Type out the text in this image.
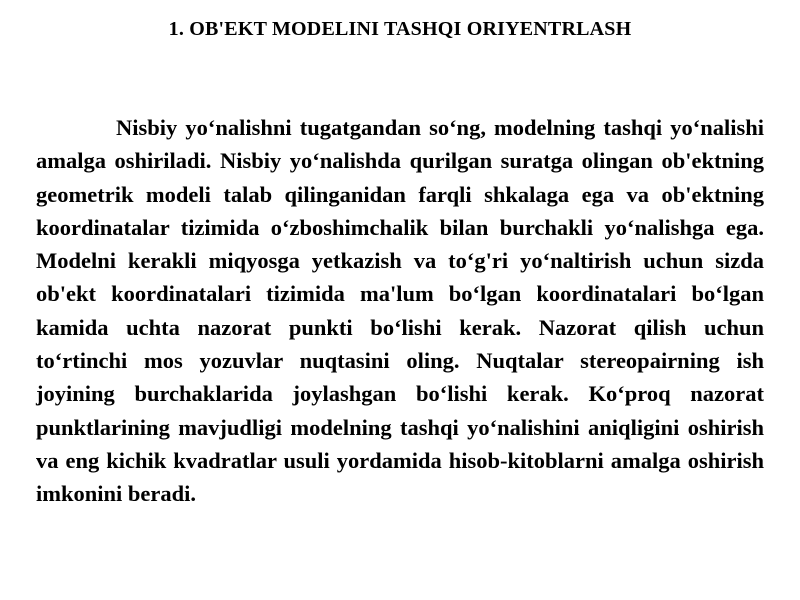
1. OB'EKT MODELINI TASHQI ORIYENTRLASH

Nisbiy yo‘nalishni tugatgandan so‘ng, modelning tashqi yo‘nalishi amalga oshiriladi. Nisbiy yo‘nalishda qurilgan suratga olingan ob'ektning geometrik modeli talab qilinganidan farqli shkalaga ega va ob'ektning koordinatalar tizimida o‘zboshimchalik bilan burchakli yo‘nalishga ega. Modelni kerakli miqyosga yetkazish va to‘g'ri yo‘naltirish uchun sizda ob'ekt koordinatalari tizimida ma'lum bo‘lgan koordinatalari bo‘lgan kamida uchta nazorat punkti bo‘lishi kerak. Nazorat qilish uchun to‘rtinchi mos yozuvlar nuqtasini oling. Nuqtalar stereopairning ish joyining burchaklarida joylashgan bo‘lishi kerak. Ko‘proq nazorat punktlarining mavjudligi modelning tashqi yo‘nalishini aniqligini oshirish va eng kichik kvadratlar usuli yordamida hisob-kitoblarni amalga oshirish imkonini beradi.
